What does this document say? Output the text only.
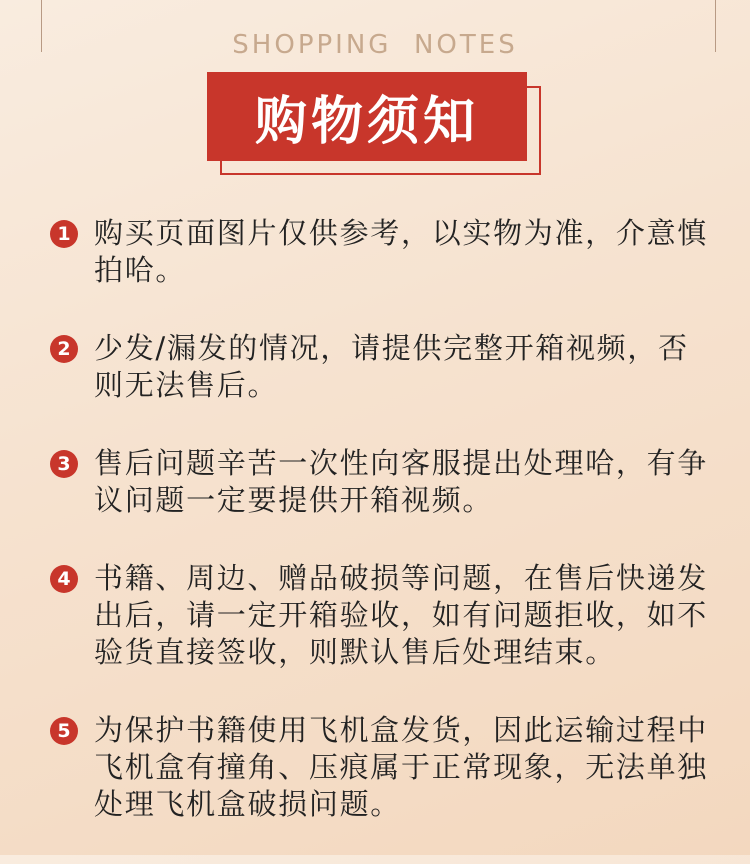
SHOPPING  NOTES
购物须知
1 购买页面图片仅供参考，以实物为准，介意慎拍哈。
2 少发/漏发的情况，请提供完整开箱视频，否则无法售后。
3 售后问题辛苦一次性向客服提出处理哈，有争议问题一定要提供开箱视频。
4 书籍、周边、赠品破损等问题，在售后快递发出后，请一定开箱验收，如有问题拒收，如不验货直接签收，则默认售后处理结束。
5 为保护书籍使用飞机盒发货，因此运输过程中飞机盒有撞角、压痕属于正常现象，无法单独处理飞机盒破损问题。
